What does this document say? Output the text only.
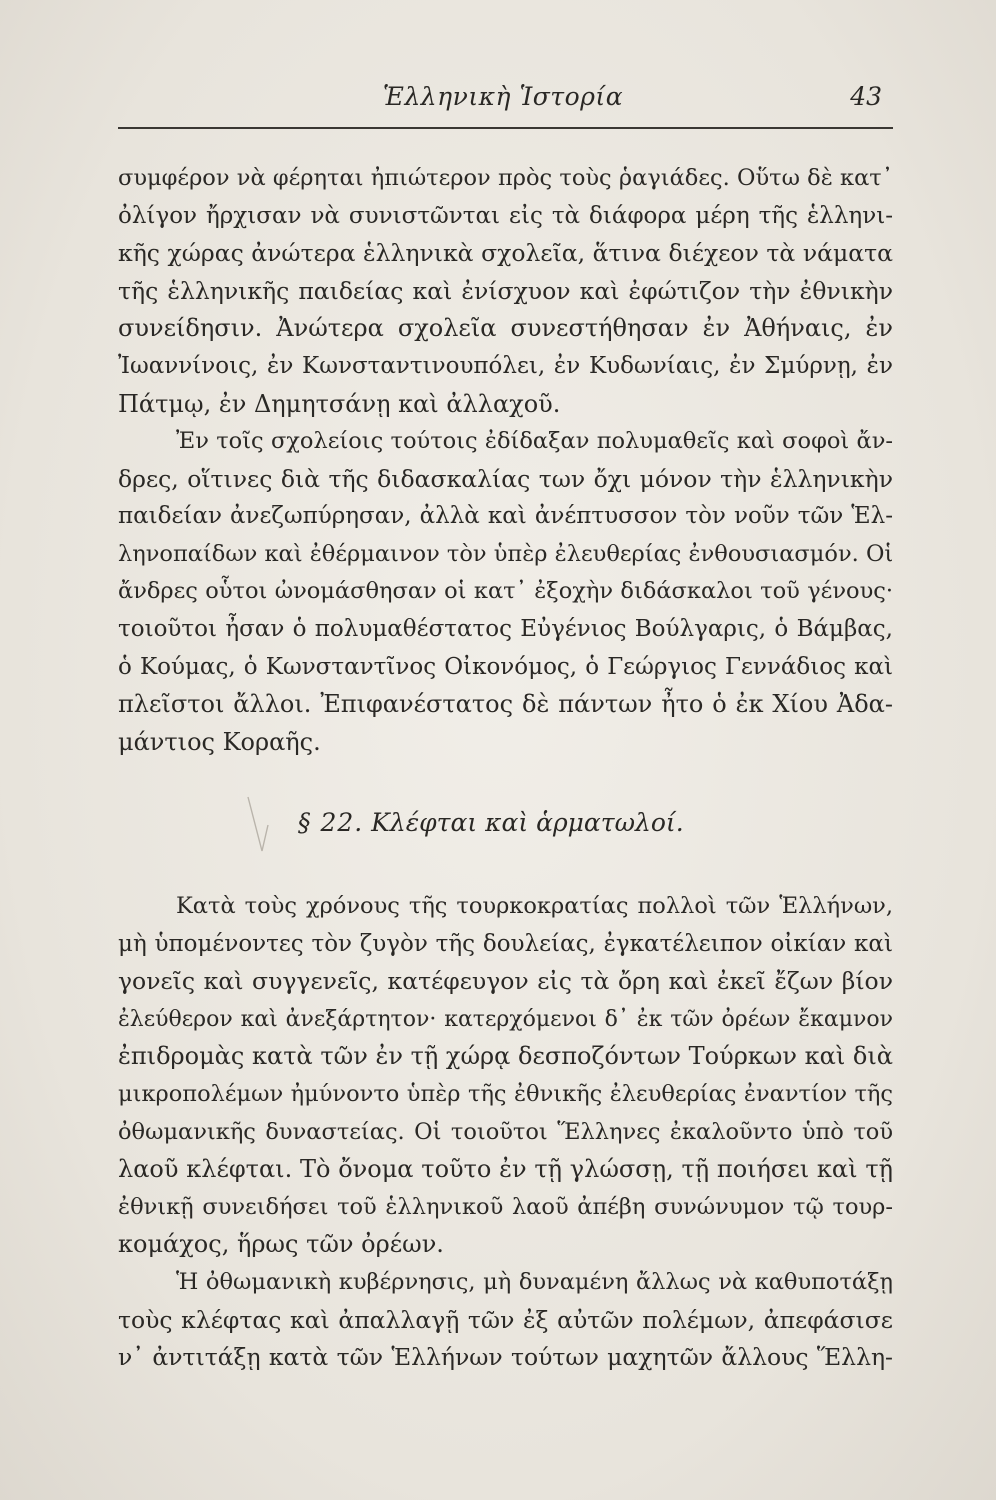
Ἑλληνικὴ Ἱστορία	43
συμφέρον νὰ φέρηται ἠπιώτερον πρὸς τοὺς ῥαγιάδες. Οὕτω δὲ κατ᾽
ὀλίγον ἤρχισαν νὰ συνιστῶνται εἰς τὰ διάφορα μέρη τῆς ἑλληνι-
κῆς χώρας ἀνώτερα ἑλληνικὰ σχολεῖα, ἅτινα διέχεον τὰ νάματα
τῆς ἑλληνικῆς παιδείας καὶ ἐνίσχυον καὶ ἐφώτιζον τὴν ἐθνικὴν
συνείδησιν. Ἀνώτερα σχολεῖα συνεστήθησαν ἐν Ἀθήναις, ἐν
Ἰωαννίνοις, ἐν Κωνσταντινουπόλει, ἐν Κυδωνίαις, ἐν Σμύρνῃ, ἐν
Πάτμῳ, ἐν Δημητσάνῃ καὶ ἀλλαχοῦ.
Ἐν τοῖς σχολείοις τούτοις ἐδίδαξαν πολυμαθεῖς καὶ σοφοὶ ἄν-
δρες, οἵτινες διὰ τῆς διδασκαλίας των ὄχι μόνον τὴν ἑλληνικὴν
παιδείαν ἀνεζωπύρησαν, ἀλλὰ καὶ ἀνέπτυσσον τὸν νοῦν τῶν Ἑλ-
ληνοπαίδων καὶ ἐθέρμαινον τὸν ὑπὲρ ἐλευθερίας ἐνθουσιασμόν. Οἱ
ἄνδρες οὗτοι ὠνομάσθησαν οἱ κατ᾽ ἐξοχὴν διδάσκαλοι τοῦ γένους·
τοιοῦτοι ἦσαν ὁ πολυμαθέστατος Εὐγένιος Βούλγαρις, ὁ Βάμβας,
ὁ Κούμας, ὁ Κωνσταντῖνος Οἰκονόμος, ὁ Γεώργιος Γεννάδιος καὶ
πλεῖστοι ἄλλοι. Ἐπιφανέστατος δὲ πάντων ἦτο ὁ ἐκ Χίου Ἀδα-
μάντιος Κοραῆς.
§ 22. Κλέφται καὶ ἁρματωλοί.
Κατὰ τοὺς χρόνους τῆς τουρκοκρατίας πολλοὶ τῶν Ἑλλήνων,
μὴ ὑπομένοντες τὸν ζυγὸν τῆς δουλείας, ἐγκατέλειπον οἰκίαν καὶ
γονεῖς καὶ συγγενεῖς, κατέφευγον εἰς τὰ ὄρη καὶ ἐκεῖ ἔζων βίον
ἐλεύθερον καὶ ἀνεξάρτητον· κατερχόμενοι δ᾽ ἐκ τῶν ὀρέων ἔκαμνον
ἐπιδρομὰς κατὰ τῶν ἐν τῇ χώρᾳ δεσποζόντων Τούρκων καὶ διὰ
μικροπολέμων ἠμύνοντο ὑπὲρ τῆς ἐθνικῆς ἐλευθερίας ἐναντίον τῆς
ὀθωμανικῆς δυναστείας. Οἱ τοιοῦτοι Ἕλληνες ἐκαλοῦντο ὑπὸ τοῦ
λαοῦ κλέφται. Τὸ ὄνομα τοῦτο ἐν τῇ γλώσσῃ, τῇ ποιήσει καὶ τῇ
ἐθνικῇ συνειδήσει τοῦ ἑλληνικοῦ λαοῦ ἀπέβη συνώνυμον τῷ τουρ-
κομάχος, ἥρως τῶν ὀρέων.
Ἡ ὀθωμανικὴ κυβέρνησις, μὴ δυναμένη ἄλλως νὰ καθυποτάξῃ
τοὺς κλέφτας καὶ ἀπαλλαγῇ τῶν ἐξ αὐτῶν πολέμων, ἀπεφάσισε
ν᾽ ἀντιτάξῃ κατὰ τῶν Ἑλλήνων τούτων μαχητῶν ἄλλους Ἕλλη-
